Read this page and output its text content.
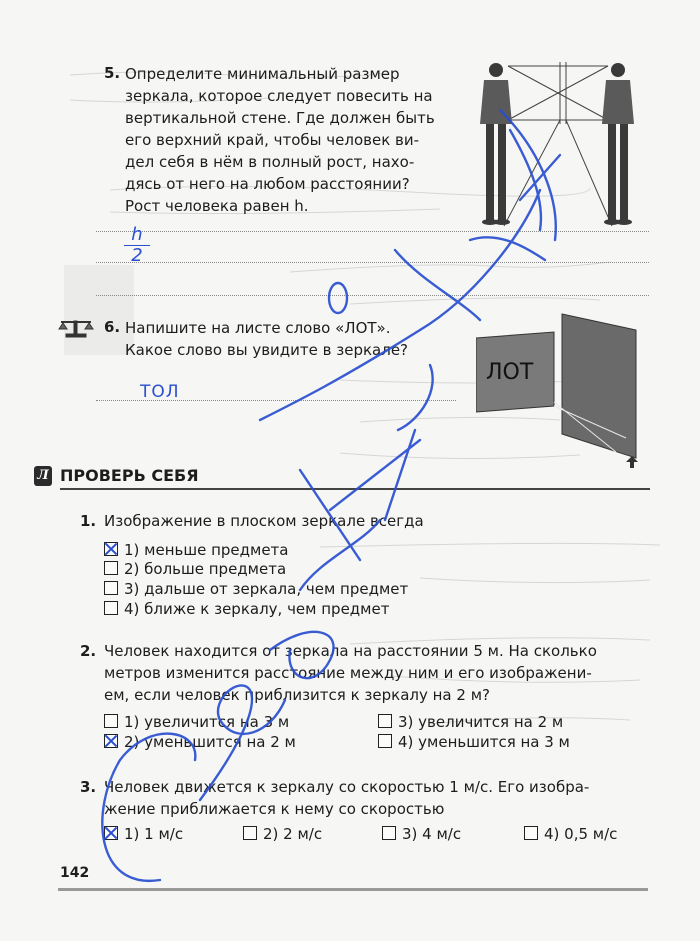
5. Определите минимальный размер
зеркала, которое следует повесить на
вертикальной стене. Где должен быть
его верхний край, чтобы человек ви-
дел себя в нём в полный рост, нахо-
дясь от него на любом расстоянии?
Рост человека равен h.
h
2
6. Напишите на листе слово «ЛОТ».
Какое слово вы увидите в зеркале?
ТОЛ
ЛОТ
Л ПРОВЕРЬ СЕБЯ
1. Изображение в плоском зеркале всегда
1) меньше предмета
2) больше предмета
3) дальше от зеркала, чем предмет
4) ближе к зеркалу, чем предмет
2. Человек находится от зеркала на расстоянии 5 м. На сколько
метров изменится расстояние между ним и его изображени-
ем, если человек приблизится к зеркалу на 2 м?
1) увеличится на 3 м	3) увеличится на 2 м
2) уменьшится на 2 м	4) уменьшится на 3 м
3. Человек движется к зеркалу со скоростью 1 м/с. Его изобра-
жение приближается к нему со скоростью
1) 1 м/с	2) 2 м/с	3) 4 м/с	4) 0,5 м/с
142
